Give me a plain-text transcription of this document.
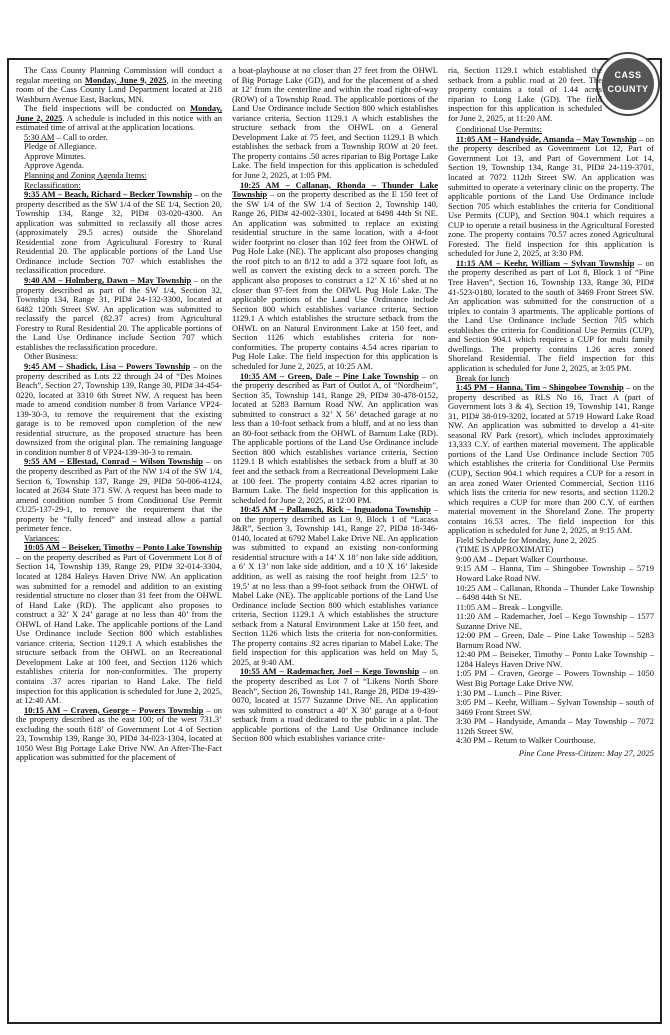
CASS
COUNTY

The Cass County Planning Commission will conduct a regular meeting on Monday, June 9, 2025, in the meeting room of the Cass County Land Department located at 218 Washburn Avenue East, Backus, MN.

The field inspections will be conducted on Monday, June 2, 2025. A schedule is included in this notice with an estimated time of arrival at the application locations.

5:30 AM – Call to order.

Pledge of Allegiance.

Approve Minutes.

Approve Agenda.

Planning and Zoning Agenda Items:

Reclassification:

9:35 AM – Beach, Richard – Becker Township – on the property described as the SW 1/4 of the SE 1/4, Section 20, Township 134, Range 32, PID# 03-020-4300. An application was submitted to reclassify all those acres (approximately 29.5 acres) outside the Shoreland Residential zone from Agricultural Forestry to Rural Residential 20. The applicable portions of the Land Use Ordinance include Section 707 which establishes the reclassification procedure.

9:40 AM – Holmberg, Dawn – May Township – on the property described as part of the SW 1/4, Section 32, Township 134, Range 31, PID# 24-132-3300, located at 6482 120th Street SW. An application was submitted to reclassify the parcel (82.37 acres) from Agricultural Forestry to Rural Residential 20. The applicable portions of the Land Use Ordinance include Section 707 which establishes the reclassification procedure.

Other Business:

9:45 AM – Shadick, Lisa – Powers Township – on the property described as Lots 22 through 24 of “Des Moines Beach”, Section 27, Township 139, Range 30, PID# 34-454-0220, located at 3310 6th Street NW. A request has been made to amend condition number 8 from Variance VP24-139-30-3, to remove the requirement that the existing garage is to be removed upon completion of the new residential structure, as the proposed structure has been downsized from the original plan. The remaining language in condition number 8 of VP24-139-30-3 to remain.

9:55 AM – Ellestad, Conrad – Wilson Township – on the property described as Part of the NW 1/4 of the SW 1/4, Section 6, Township 137, Range 29, PID# 50-006-4124, located at 2634 State 371 SW. A request has been made to amend condition number 5 from Conditional Use Permit CU25-137-29-1, to remove the requirement that the property be “fully fenced” and instead allow a partial perimeter fence.

Variances:

10:05 AM – Beiseker, Timothy – Ponto Lake Township – on the property described as Part of Government Lot 8 of Section 14, Township 139, Range 29, PID# 32-014-3304, located at 1284 Haleys Haven Drive NW. An application was submitted for a remodel and addition to an existing residential structure no closer than 31 feet from the OHWL of Hand Lake (RD). The applicant also proposes to construct a 32’ X 24’ garage at no less than 40’ from the OHWL of Hand Lake. The applicable portions of the Land Use Ordinance include Section 800 which establishes variance criteria, Section 1129.1 A which establishes the structure setback from the OHWL on an Recreational Development Lake at 100 feet, and Section 1126 which establishes criteria for non-conformities. The property contains .37 acres riparian to Hand Lake. The field inspection for this application is scheduled for June 2, 2025, at 12:40 AM.

10:15 AM – Craven, George – Powers Township – on the property described as the east 100; of the west 731.3’ excluding the south 618’ of Government Lot 4 of Section 23, Township 139, Range 30, PID# 34-023-1304, located at 1050 West Big Portage Lake Drive NW. An After-The-Fact application was submitted for the placement of

a boat-playhouse at no closer than 27 feet from the OHWL of Big Portage Lake (GD), and for the placement of a shed at 12’ from the centerline and within the road right-of-way (ROW) of a Township Road. The applicable portions of the Land Use Ordinance include Section 800 which establishes variance criteria, Section 1129.1 A which establishes the structure setback from the OHWL on a General Development Lake at 75 feet, and Section 1129.1 B which establishes the setback from a Township ROW at 20 feet. The property contains .50 acres riparian to Big Portage Lake Lake. The field inspection for this application is scheduled for June 2, 2025, at 1:05 PM.

10:25 AM – Callanan, Rhonda – Thunder Lake Township – on the property described as the E 150 feet of the SW 1/4 of the SW 1/4 of Section 2, Township 140, Range 26, PID# 42-002-3301, located at 6498 44th St NE. An application was submitted to replace an existing residential structure in the same location, with a 4-foot wider footprint no closer than 102 feet from the OHWL of Pug Hole Lake (NE). The applicant also proposes changing the roof pitch to an 8/12 to add a 372 square foot loft, as well as convert the existing deck to a screen porch. The applicant also proposes to construct a 12’ X 16’ shed at no closer than 97-feet from the OHWL Pug Hole Lake. The applicable portions of the Land Use Ordinance include Section 800 which establishes variance criteria, Section 1129.1 A which establishes the structure setback from the OHWL on an Natural Environment Lake at 150 feet, and Section 1126 which establishes criteria for non-conformities. The property contains 4.54 acres riparian to Pug Hole Lake. The field inspection for this application is scheduled for June 2, 2025, at 10:25 AM.

10:35 AM – Green, Dale – Pine Lake Township – on the property described as Part of Outlot A, of “Nordheim”, Section 35, Township 141, Range 29, PID# 30-478-0152, located at 5283 Barnum Road NW. An application was submitted to construct a 32’ X 56’ detached garage at no less than a 10-foot setback from a bluff, and at no less than an 80-foot setback from the OHWL of Barnum Lake (RD). The applicable portions of the Land Use Ordinance include Section 800 which establishes variance criteria, Section 1129.1 B which establishes the setback from a bluff at 30 feet and the setback from a Recreational Development Lake at 100 feet. The property contains 4.82 acres riparian to Barnum Lake. The field inspection for this application is scheduled for June 2, 2025, at 12:00 PM.

10:45 AM – Pallansch, Rick – Inguadona Township – on the property described as Lot 9, Block 1 of “Lacasa J&R”, Section 3, Township 141, Range 27, PID# 18-346-0140, located at 6792 Mabel Lake Drive NE. An application was submitted to expand an existing non-conforming residential structure with a 14’ X 18’ non lake side addition, a 6’ X 13’ non lake side addition, and a 10 X 16’ lakeside addition, as well as raising the roof height from 12.5’ to 19.5’ at no less than a 99-foot setback from the OHWL of Mabel Lake (NE). The applicable portions of the Land Use Ordinance include Section 800 which establishes variance criteria, Section 1129.1 A which establishes the structure setback from a Natural Environment Lake at 150 feet, and Section 1126 which lists the criteria for non-conformities. The property contains .92 acres riparian to Mabel Lake. The field inspection for this application was held on May 5, 2025, at 9:40 AM.

10:55 AM – Rademacher, Joel – Kego Township – on the property described as Lot 7 of “Likens North Shore Beach”, Section 26, Township 141, Range 28, PID# 19-439-0070, located at 1577 Suzanne Drive NE. An application was submitted to construct a 40’ X 30’ garage at a 0-foot setback from a road dedicated to the public in a plat. The applicable portions of the Land Use Ordinance include Section 800 which establishes variance crite-

ria, Section 1129.1 which established the setback from a public road at 20 feet. The property contains a total of 1.44 acres riparian to Long Lake (GD). The field inspection for this application is scheduled for June 2, 2025, at 11:20 AM.

Conditional Use Permits:

11:05 AM – Handyside, Amanda – May Township – on the property described as Government Lot 12, Part of Government Lot 13, and Part of Government Lot 14, Section 19, Township 134, Range 31, PID# 24-119-3701, located at 7072 112th Street SW. An application was submitted to operate a veterinary clinic on the property. The applicable portions of the Land Use Ordinance include Section 705 which establishes the criteria for Conditional Use Permits (CUP), and Section 904.1 which requires a CUP to operate a retail business in the Agricultural Forested zone. The property contains 70.57 acres zoned Agricultural Forested. The field inspection for this application is scheduled for June 2, 2025, at 3:30 PM.

11:15 AM – Keehr, William – Sylvan Township – on the property described as part of Lot 8, Block 1 of “Pine Tree Haven”, Section 16, Township 133, Range 30, PID# 41-523-0180, located to the south of 3469 Front Street SW. An application was submitted for the construction of a triplex to contain 3 apartments. The applicable portions of the Land Use Ordinance include Section 705 which establishes the criteria for Conditional Use Permits (CUP), and Section 904.1 which requires a CUP for multi family dwellings. The property contains 1.26 acres zoned Shoreland Residential. The field inspection for this application is scheduled for June 2, 2025, at 3:05 PM.

Break for lunch

1:45 PM – Hanna, Tim – Shingobee Township – on the property described as RLS No 16, Tract A (part of Government lots 3 & 4), Section 19, Township 141, Range 31, PID# 38-019-3202, located at 5719 Howard Lake Road NW. An application was submitted to develop a 41-site seasonal RV Park (resort), which includes approximately 13,333 C.Y. of earthen material movement. The applicable portions of the Land Use Ordinance include Section 705 which establishes the criteria for Conditional Use Permits (CUP), Section 904.1 which requires a CUP for a resort in an area zoned Water Oriented Commercial, Section 1116 which lists the criteria for new resorts, and section 1120.2 which requires a CUP for more than 200 C.Y. of earthen material movement in the Shoreland Zone. The property contains 16.53 acres. The field inspection for this application is scheduled for June 2, 2025, at 9:15 AM.

Field Schedule for Monday, June 2, 2025

(TIME IS APPROXIMATE)

9:00 AM – Depart Walker Courthouse.

9:15 AM – Hanna, Tim – Shingobee Township – 5719 Howard Lake Road NW.

10:25 AM – Callanan, Rhonda – Thunder Lake Township – 6498 44th St NE.

11:05 AM – Break – Longville.

11:20 AM – Rademacher, Joel – Kego Township – 1577 Suzanne Drive NE.

12:00 PM – Green, Dale – Pine Lake Township – 5283 Barnum Road NW.

12:40 PM – Beiseker, Timothy – Ponto Lake Township – 1284 Haleys Haven Drive NW.

1:05 PM – Craven, George – Powers Township – 1050 West Big Portage Lake Drive NW.

1:30 PM – Lunch – Pine River.

3:05 PM – Keehr, William – Sylvan Township – south of 3469 Front Street SW.

3:30 PM – Handyside, Amanda – May Township – 7072 112th Street SW.

4:30 PM – Return to Walker Courthouse.

Pine Cone Press-Citizen: May 27, 2025
